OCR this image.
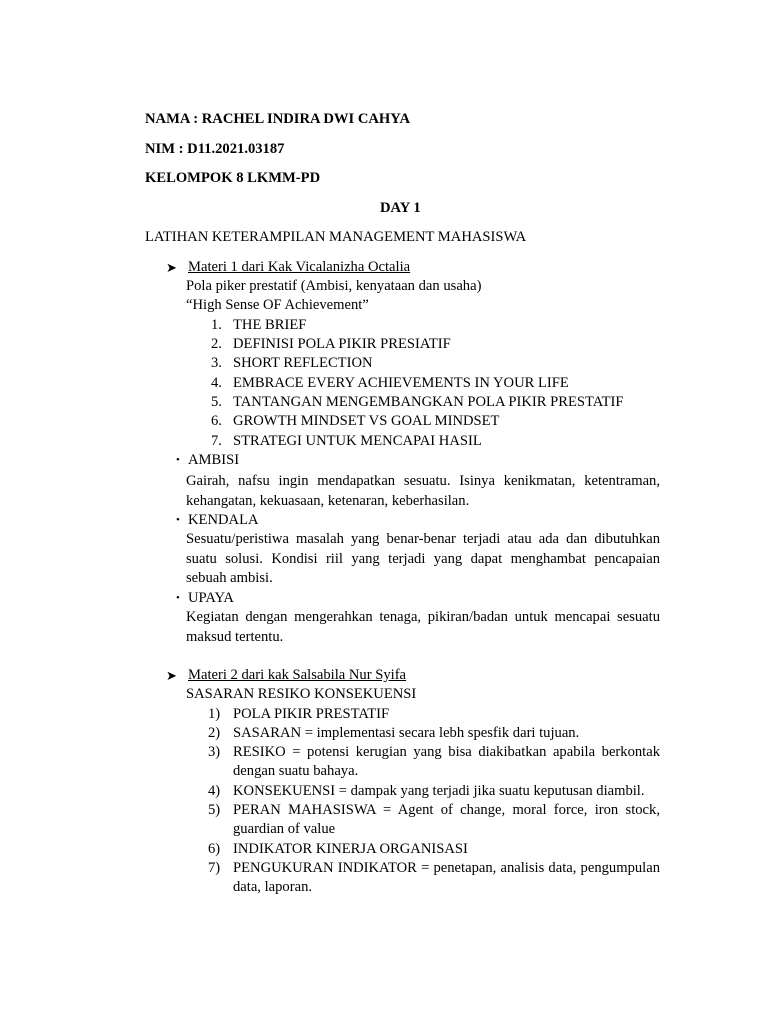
NAMA : RACHEL INDIRA DWI CAHYA
NIM : D11.2021.03187
KELOMPOK 8 LKMM-PD
DAY 1
LATIHAN KETERAMPILAN MANAGEMENT MAHASISWA
➤ Materi 1 dari Kak Vicalanizha Octalia
Pola piker prestatif (Ambisi, kenyataan dan usaha)
“High Sense OF Achievement”
1. THE BRIEF
2. DEFINISI POLA PIKIR PRESIATIF
3. SHORT REFLECTION
4. EMBRACE EVERY ACHIEVEMENTS IN YOUR LIFE
5. TANTANGAN MENGEMBANGKAN POLA PIKIR PRESTATIF
6. GROWTH MINDSET VS GOAL MINDSET
7. STRATEGI UNTUK MENCAPAI HASIL
• AMBISI
Gairah, nafsu ingin mendapatkan sesuatu. Isinya kenikmatan, ketentraman, kehangatan, kekuasaan, ketenaran, keberhasilan.
• KENDALA
Sesuatu/peristiwa masalah yang benar-benar terjadi atau ada dan dibutuhkan suatu solusi. Kondisi riil yang terjadi yang dapat menghambat pencapaian sebuah ambisi.
• UPAYA
Kegiatan dengan mengerahkan tenaga, pikiran/badan untuk mencapai sesuatu maksud tertentu.
➤ Materi 2 dari kak Salsabila Nur Syifa
SASARAN RESIKO KONSEKUENSI
1) POLA PIKIR PRESTATIF
2) SASARAN = implementasi secara lebh spesfik dari tujuan.
3) RESIKO = potensi kerugian yang bisa diakibatkan apabila berkontak dengan suatu bahaya.
4) KONSEKUENSI = dampak yang terjadi jika suatu keputusan diambil.
5) PERAN MAHASISWA = Agent of change, moral force, iron stock, guardian of value
6) INDIKATOR KINERJA ORGANISASI
7) PENGUKURAN INDIKATOR = penetapan, analisis data, pengumpulan data, laporan.
